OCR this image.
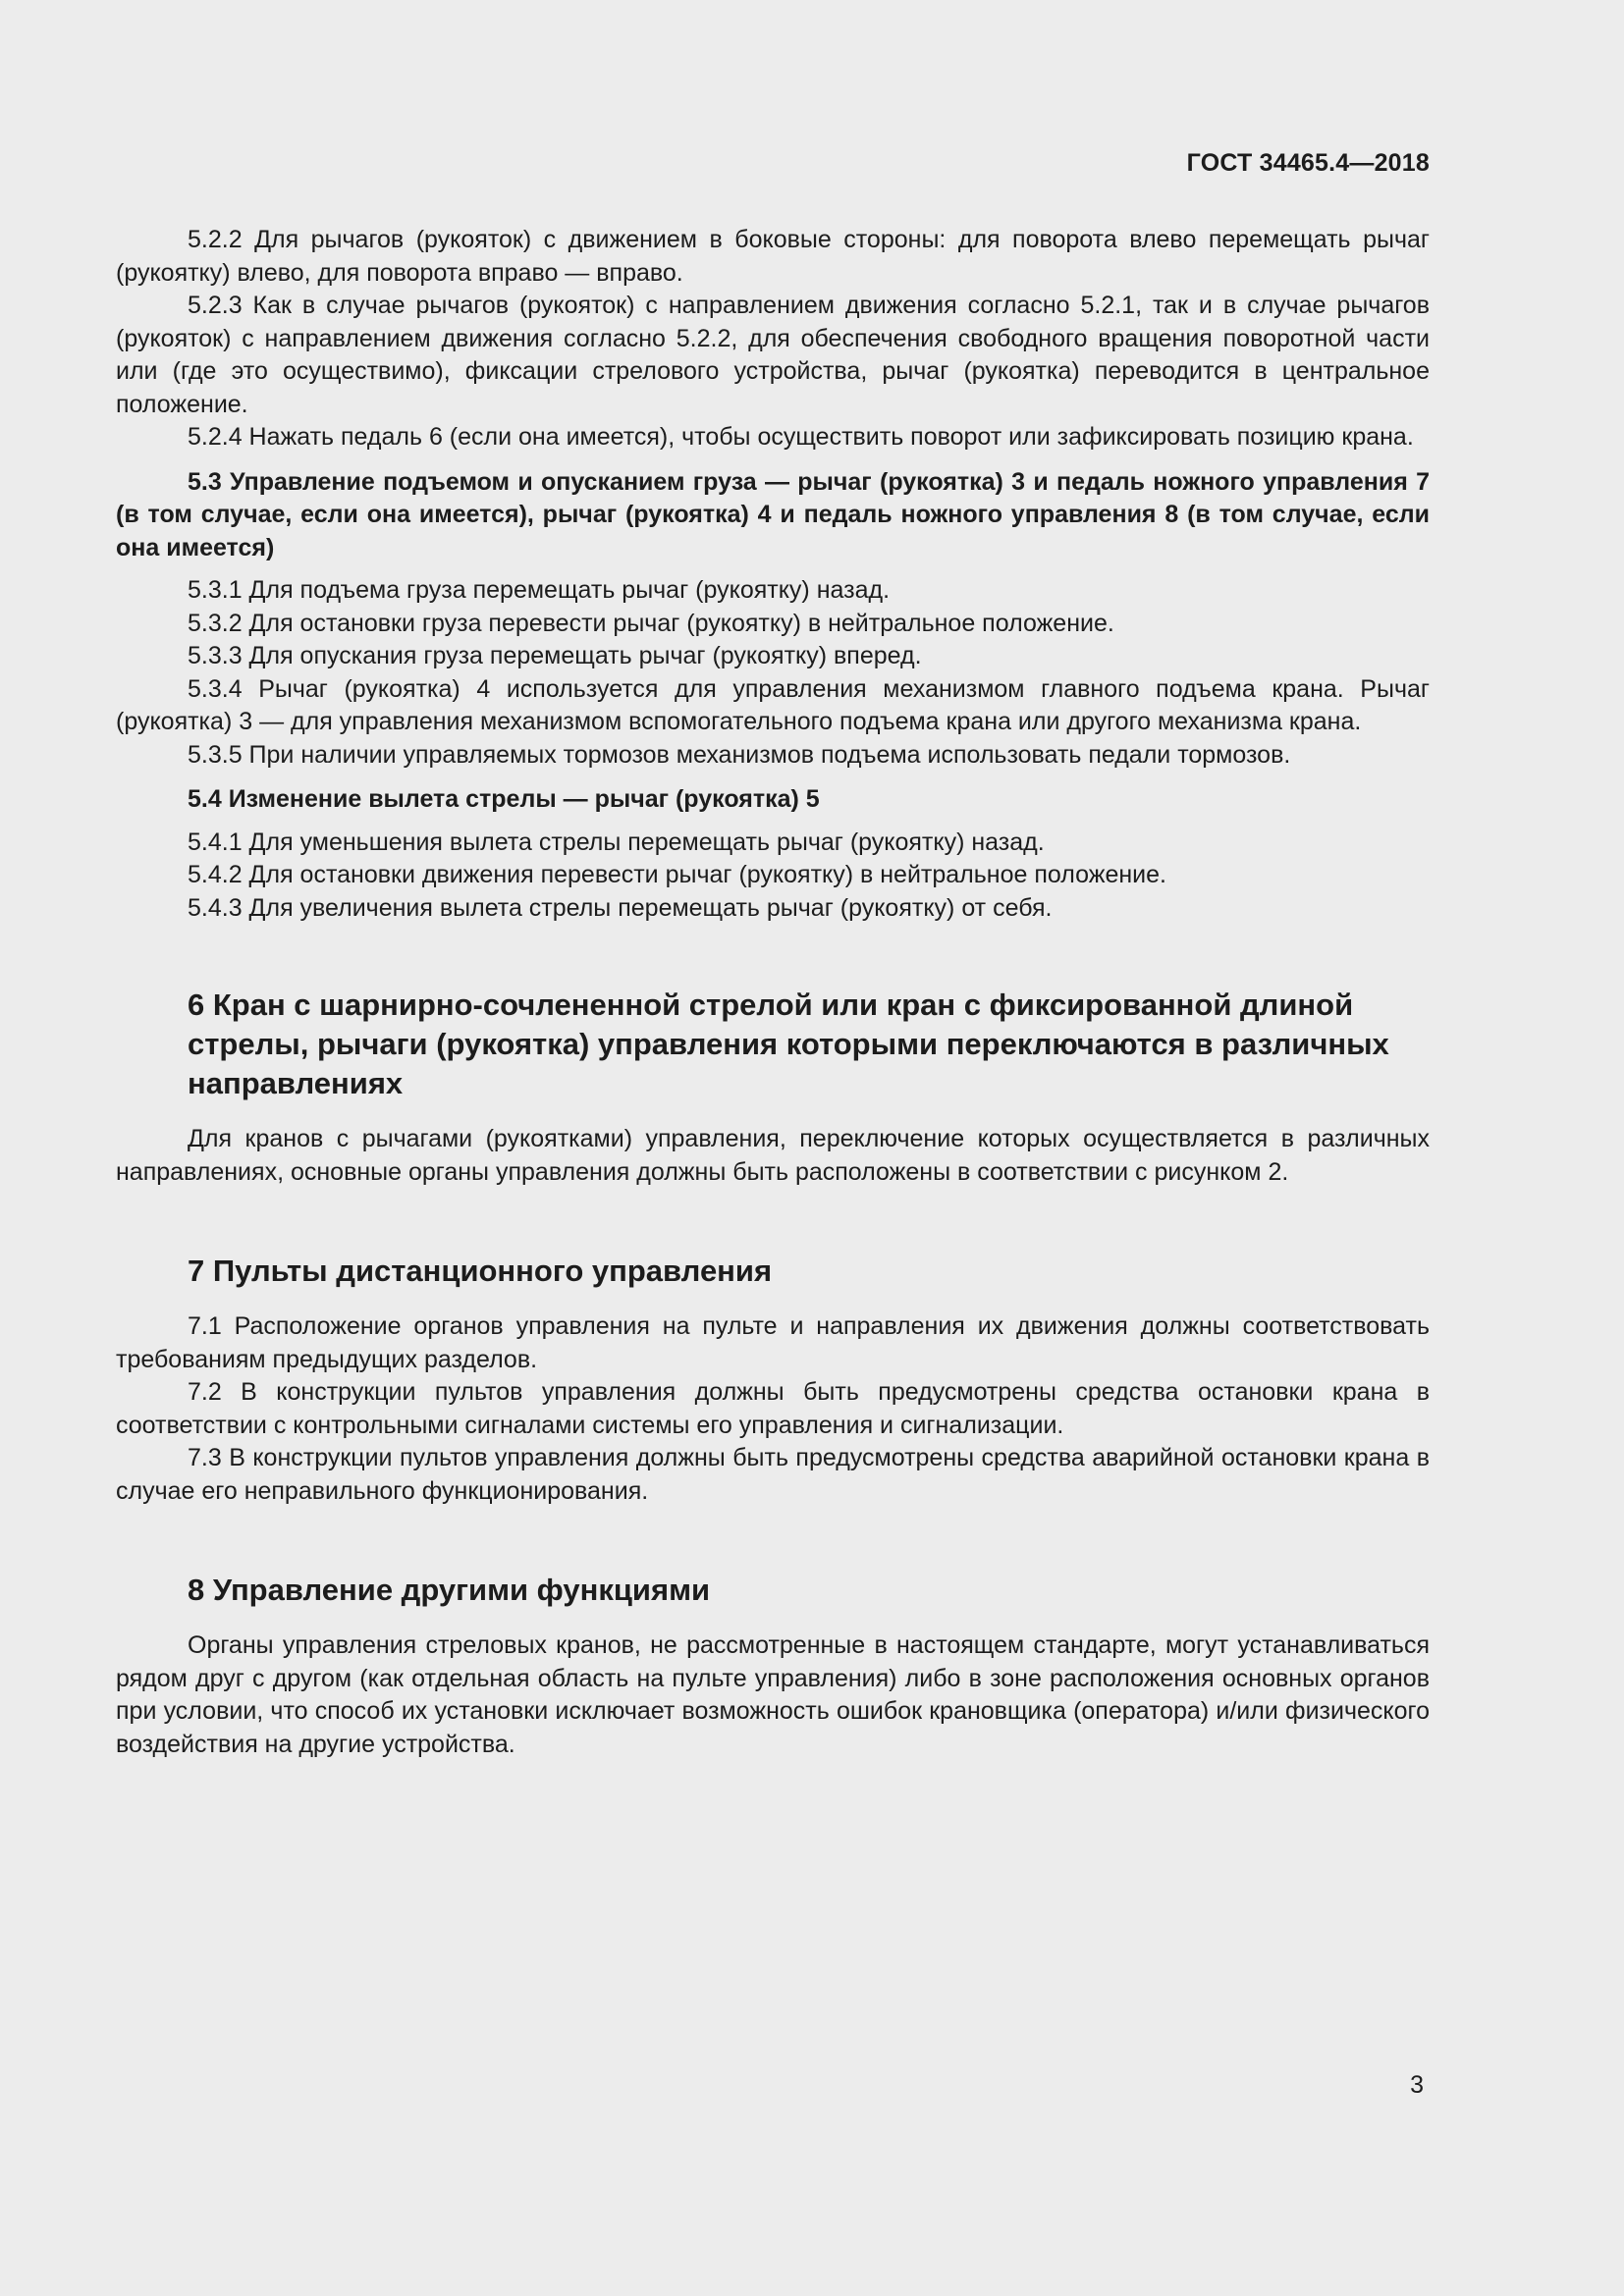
ГОСТ 34465.4—2018

5.2.2 Для рычагов (рукояток) с движением в боковые стороны: для поворота влево перемещать рычаг (рукоятку) влево, для поворота вправо — вправо.

5.2.3 Как в случае рычагов (рукояток) с направлением движения согласно 5.2.1, так и в случае рычагов (рукояток) с направлением движения согласно 5.2.2, для обеспечения свободного вращения поворотной части или (где это осуществимо), фиксации стрелового устройства, рычаг (рукоятка) переводится в центральное положение.

5.2.4 Нажать педаль 6 (если она имеется), чтобы осуществить поворот или зафиксировать позицию крана.

5.3 Управление подъемом и опусканием груза — рычаг (рукоятка) 3 и педаль ножного управления 7 (в том случае, если она имеется), рычаг (рукоятка) 4 и педаль ножного управления 8 (в том случае, если она имеется)

5.3.1 Для подъема груза перемещать рычаг (рукоятку) назад.

5.3.2 Для остановки груза перевести рычаг (рукоятку) в нейтральное положение.

5.3.3 Для опускания груза перемещать рычаг (рукоятку) вперед.

5.3.4 Рычаг (рукоятка) 4 используется для управления механизмом главного подъема крана. Рычаг (рукоятка) 3 — для управления механизмом вспомогательного подъема крана или другого механизма крана.

5.3.5 При наличии управляемых тормозов механизмов подъема использовать педали тормозов.

5.4 Изменение вылета стрелы — рычаг (рукоятка) 5

5.4.1 Для уменьшения вылета стрелы перемещать рычаг (рукоятку) назад.

5.4.2 Для остановки движения перевести рычаг (рукоятку) в нейтральное положение.

5.4.3 Для увеличения вылета стрелы перемещать рычаг (рукоятку) от себя.

6 Кран с шарнирно-сочлененной стрелой или кран с фиксированной длиной стрелы, рычаги (рукоятка) управления которыми переключаются в различных направлениях

Для кранов с рычагами (рукоятками) управления, переключение которых осуществляется в различных направлениях, основные органы управления должны быть расположены в соответствии с рисунком 2.

7 Пульты дистанционного управления

7.1 Расположение органов управления на пульте и направления их движения должны соответствовать требованиям предыдущих разделов.

7.2 В конструкции пультов управления должны быть предусмотрены средства остановки крана в соответствии с контрольными сигналами системы его управления и сигнализации.

7.3 В конструкции пультов управления должны быть предусмотрены средства аварийной остановки крана в случае его неправильного функционирования.

8 Управление другими функциями

Органы управления стреловых кранов, не рассмотренные в настоящем стандарте, могут устанавливаться рядом друг с другом (как отдельная область на пульте управления) либо в зоне расположения основных органов при условии, что способ их установки исключает возможность ошибок крановщика (оператора) и/или физического воздействия на другие устройства.

3
